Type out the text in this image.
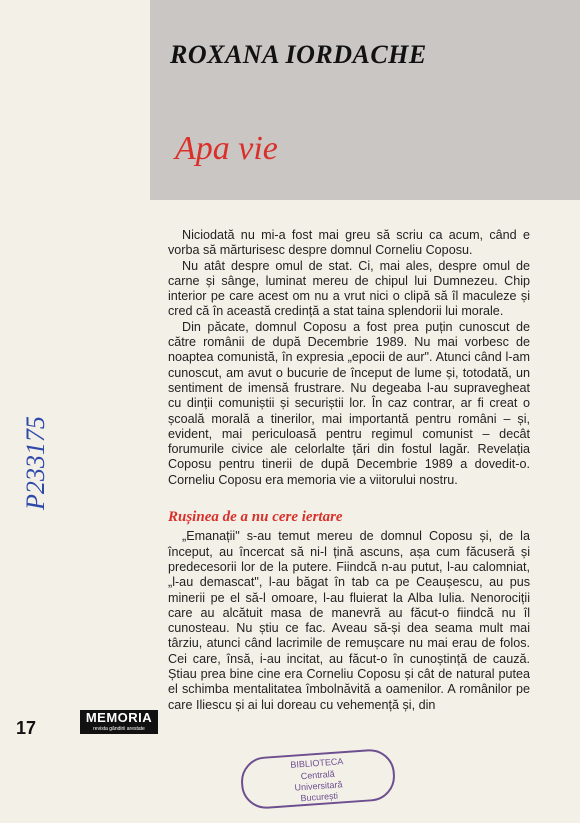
ROXANA IORDACHE
Apa vie

Niciodată nu mi-a fost mai greu să scriu ca acum, când e vorba să mărturisesc despre domnul Corneliu Coposu.

Nu atât despre omul de stat. Ci, mai ales, despre omul de carne și sânge, luminat mereu de chipul lui Dumnezeu. Chip interior pe care acest om nu a vrut nici o clipă să îl maculeze și cred că în această credință a stat taina splendorii lui morale.

Din păcate, domnul Coposu a fost prea puțin cunoscut de către românii de după Decembrie 1989. Nu mai vorbesc de noaptea comunistă, în expresia „epocii de aur". Atunci când l-am cunoscut, am avut o bucurie de început de lume și, totodată, un sentiment de imensă frustrare. Nu degeaba l-au supravegheat cu dinții comuniștii și securiștii lor. În caz contrar, ar fi creat o școală morală a tinerilor, mai importantă pentru români – și, evident, mai periculoasă pentru regimul comunist – decât forumurile civice ale celorlalte țări din fostul lagăr. Revelația Coposu pentru tinerii de după Decembrie 1989 a dovedit-o. Corneliu Coposu era memoria vie a viitorului nostru.

Rușinea de a nu cere iertare

„Emanații" s-au temut mereu de domnul Coposu și, de la început, au încercat să ni-l țină ascuns, așa cum făcuseră și predecesorii lor de la putere. Fiindcă n-au putut, l-au calomniat, „l-au demascat", l-au băgat în tab ca pe Ceaușescu, au pus minerii pe el să-l omoare, l-au fluierat la Alba Iulia. Nenorociții care au alcătuit masa de manevră au făcut-o fiindcă nu îl cunosteau. Nu știu ce fac. Aveau să-și dea seama mult mai târziu, atunci când lacrimile de remușcare nu mai erau de folos. Cei care, însă, i-au incitat, au făcut-o în cunoștință de cauză. Știau prea bine cine era Corneliu Coposu și cât de natural putea el schimba mentalitatea îmbolnăvită a oamenilor. A românilor pe care Iliescu și ai lui doreau cu vehemență și, din

P233175
17
MEMORIA
revista gândirii arestate
BIBLIOTECA
Centrală
Universitară
București
